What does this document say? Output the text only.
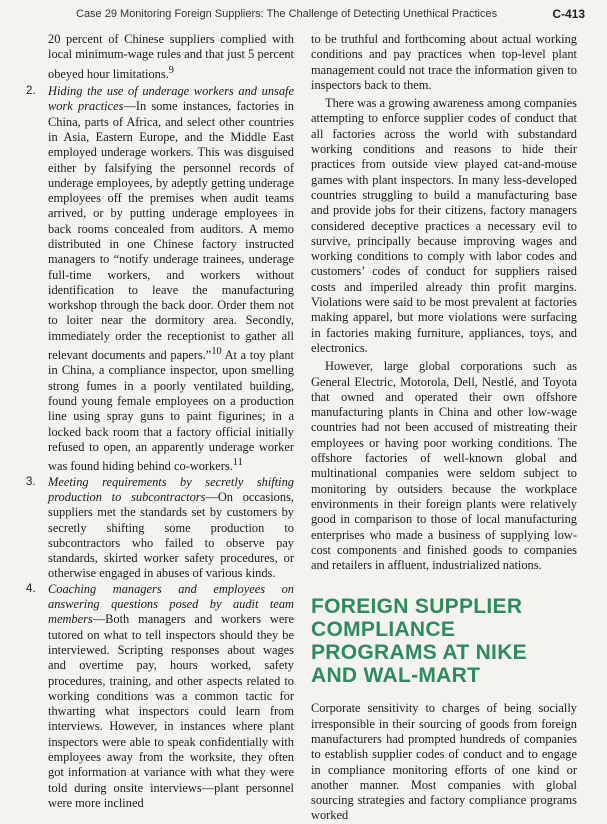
Case 29 Monitoring Foreign Suppliers: The Challenge of Detecting Unethical Practices	C-413

20 percent of Chinese suppliers complied with local minimum-wage rules and that just 5 percent obeyed hour limitations.$^9$

2. Hiding the use of underage workers and unsafe work practices—In some instances, factories in China, parts of Africa, and select other countries in Asia, Eastern Europe, and the Middle East employed underage workers. This was disguised either by falsifying the personnel records of underage employees, by adeptly getting underage employees off the premises when audit teams arrived, or by putting underage employees in back rooms concealed from auditors. A memo distributed in one Chinese factory instructed managers to “notify underage trainees, underage full-time workers, and workers without identification to leave the manufacturing workshop through the back door. Order them not to loiter near the dormitory area. Secondly, immediately order the receptionist to gather all relevant documents and papers.”$^{10}$ At a toy plant in China, a compliance inspector, upon smelling strong fumes in a poorly ventilated building, found young female employees on a production line using spray guns to paint figurines; in a locked back room that a factory official initially refused to open, an apparently underage worker was found hiding behind co-workers.$^{11}$
3. Meeting requirements by secretly shifting production to subcontractors—On occasions, suppliers met the standards set by customers by secretly shifting some production to subcontractors who failed to observe pay standards, skirted worker safety procedures, or otherwise engaged in abuses of various kinds.
4. Coaching managers and employees on answering questions posed by audit team members—Both managers and workers were tutored on what to tell inspectors should they be interviewed. Scripting responses about wages and overtime pay, hours worked, safety procedures, training, and other aspects related to working conditions was a common tactic for thwarting what inspectors could learn from interviews. However, in instances where plant inspectors were able to speak confidentially with employees away from the worksite, they often got information at variance with what they were told during onsite interviews—plant personnel were more inclined

to be truthful and forthcoming about actual working conditions and pay practices when top-level plant management could not trace the information given to inspectors back to them.

There was a growing awareness among companies attempting to enforce supplier codes of conduct that all factories across the world with substandard working conditions and reasons to hide their practices from outside view played cat-and-mouse games with plant inspectors. In many less-developed countries struggling to build a manufacturing base and provide jobs for their citizens, factory managers considered deceptive practices a necessary evil to survive, principally because improving wages and working conditions to comply with labor codes and customers’ codes of conduct for suppliers raised costs and imperiled already thin profit margins. Violations were said to be most prevalent at factories making apparel, but more violations were surfacing in factories making furniture, appliances, toys, and electronics.

However, large global corporations such as General Electric, Motorola, Dell, Nestlé, and Toyota that owned and operated their own offshore manufacturing plants in China and other low-wage countries had not been accused of mistreating their employees or having poor working conditions. The offshore factories of well-known global and multinational companies were seldom subject to monitoring by outsiders because the workplace environments in their foreign plants were relatively good in comparison to those of local manufacturing enterprises who made a business of supplying low-cost components and finished goods to companies and retailers in affluent, industrialized nations.

FOREIGN SUPPLIER COMPLIANCE PROGRAMS AT NIKE AND WAL-MART

Corporate sensitivity to charges of being socially irresponsible in their sourcing of goods from foreign manufacturers had prompted hundreds of companies to establish supplier codes of conduct and to engage in compliance monitoring efforts of one kind or another manner. Most companies with global sourcing strategies and factory compliance programs worked
